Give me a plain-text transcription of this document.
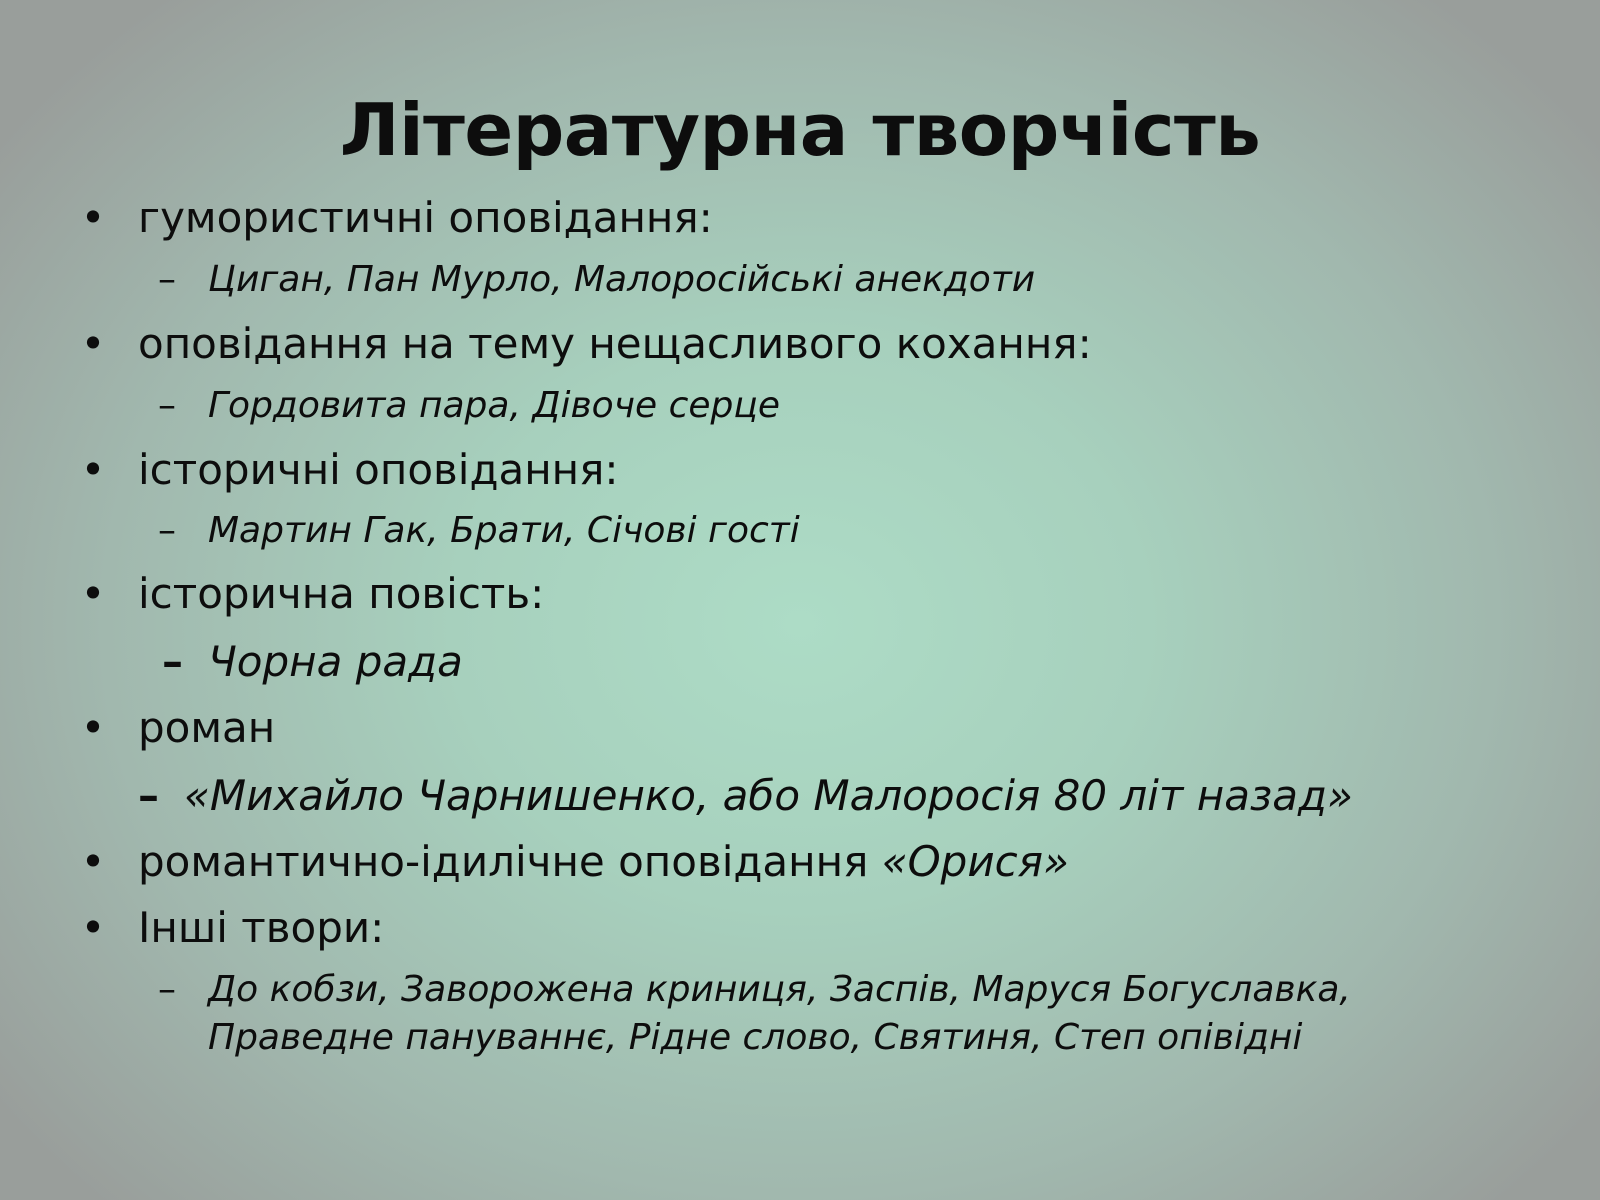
Літературна творчість
• гумористичні оповідання:
– Циган, Пан Мурло, Малоросійські анекдоти
• оповідання на тему нещасливого кохання:
– Гордовита пара, Дівоче серце
• історичні оповідання:
– Мартин Гак, Брати, Січові гості
• історична повість:
– Чорна рада
• роман
– «Михайло Чарнишенко, або Малоросія 80 літ назад»
• романтично-ідилічне оповідання «Орися»
• Інші твори:
– До кобзи, Заворожена криниця, Заспів, Маруся Богуславка,
Праведне пануваннє, Рідне слово, Святиня, Степ опівідні
